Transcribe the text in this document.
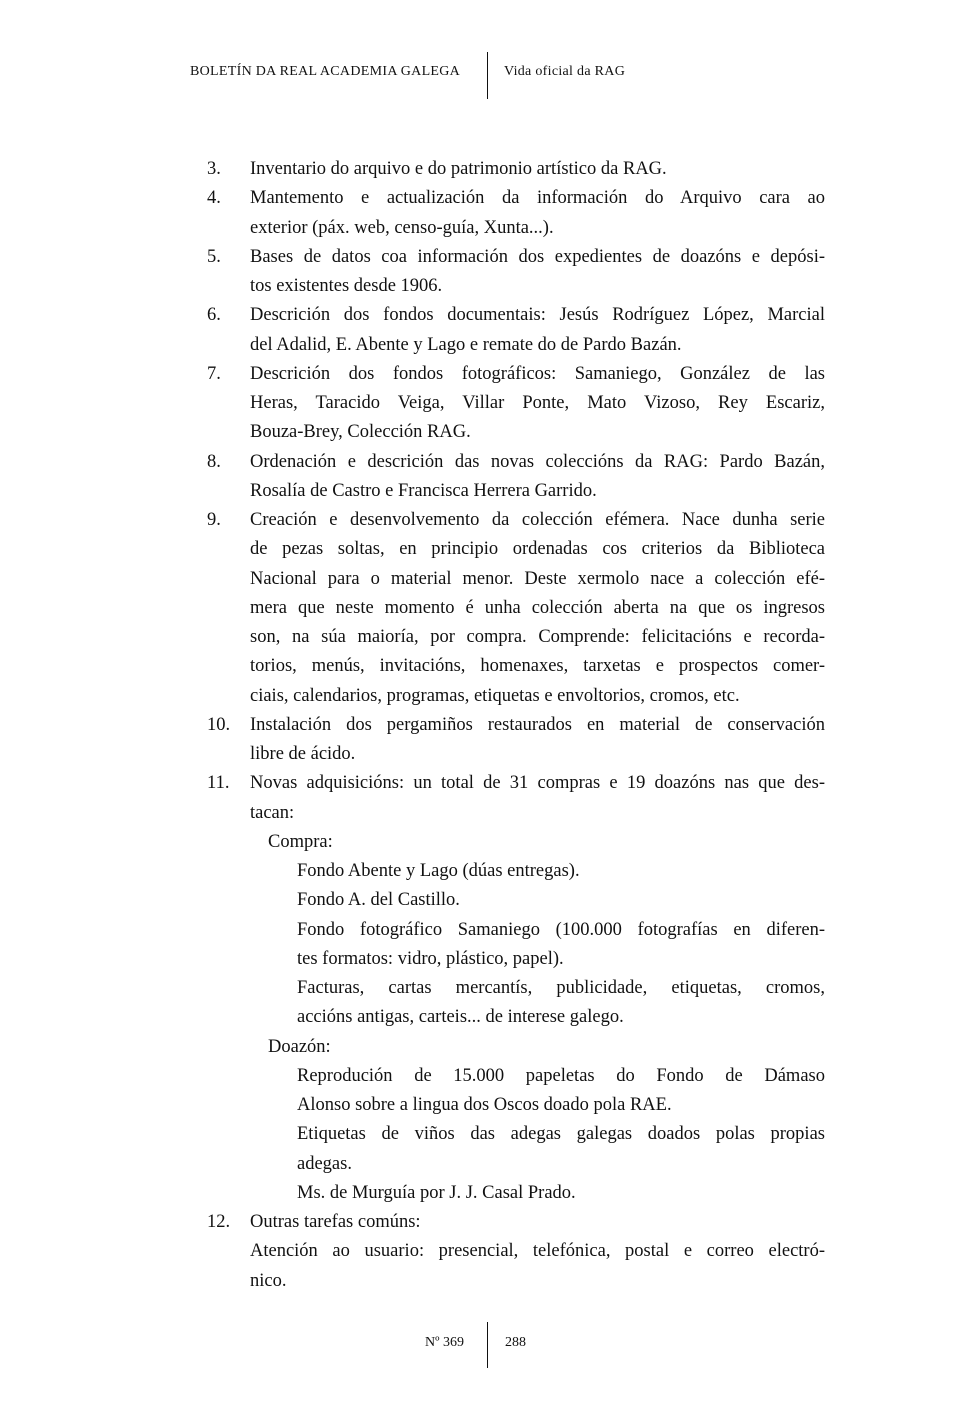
BOLETÍN DA REAL ACADEMIA GALEGA	Vida oficial da RAG
3. Inventario do arquivo e do patrimonio artístico da RAG.
4. Mantemento e actualización da información do Arquivo cara ao
exterior (páx. web, censo-guía, Xunta...).
5. Bases de datos coa información dos expedientes de doazóns e depósi-
tos existentes desde 1906.
6. Descrición dos fondos documentais: Jesús Rodríguez López, Marcial
del Adalid, E. Abente y Lago e remate do de Pardo Bazán.
7. Descrición dos fondos fotográficos: Samaniego, González de las
Heras, Taracido Veiga, Villar Ponte, Mato Vizoso, Rey Escariz,
Bouza-Brey, Colección RAG.
8. Ordenación e descrición das novas coleccións da RAG: Pardo Bazán,
Rosalía de Castro e Francisca Herrera Garrido.
9. Creación e desenvolvemento da colección efémera. Nace dunha serie
de pezas soltas, en principio ordenadas cos criterios da Biblioteca
Nacional para o material menor. Deste xermolo nace a colección efé-
mera que neste momento é unha colección aberta na que os ingresos
son, na súa maioría, por compra. Comprende: felicitacións e recorda-
torios, menús, invitacións, homenaxes, tarxetas e prospectos comer-
ciais, calendarios, programas, etiquetas e envoltorios, cromos, etc.
10. Instalación dos pergamiños restaurados en material de conservación
libre de ácido.
11. Novas adquisicións: un total de 31 compras e 19 doazóns nas que des-
tacan:
Compra:
Fondo Abente y Lago (dúas entregas).
Fondo A. del Castillo.
Fondo fotográfico Samaniego (100.000 fotografías en diferen-
tes formatos: vidro, plástico, papel).
Facturas, cartas mercantís, publicidade, etiquetas, cromos,
accións antigas, carteis... de interese galego.
Doazón:
Reprodución de 15.000 papeletas do Fondo de Dámaso
Alonso sobre a lingua dos Oscos doado pola RAE.
Etiquetas de viños das adegas galegas doados polas propias
adegas.
Ms. de Murguía por J. J. Casal Prado.
12. Outras tarefas comúns:
Atención ao usuario: presencial, telefónica, postal e correo electró-
nico.
Nº 369	288
